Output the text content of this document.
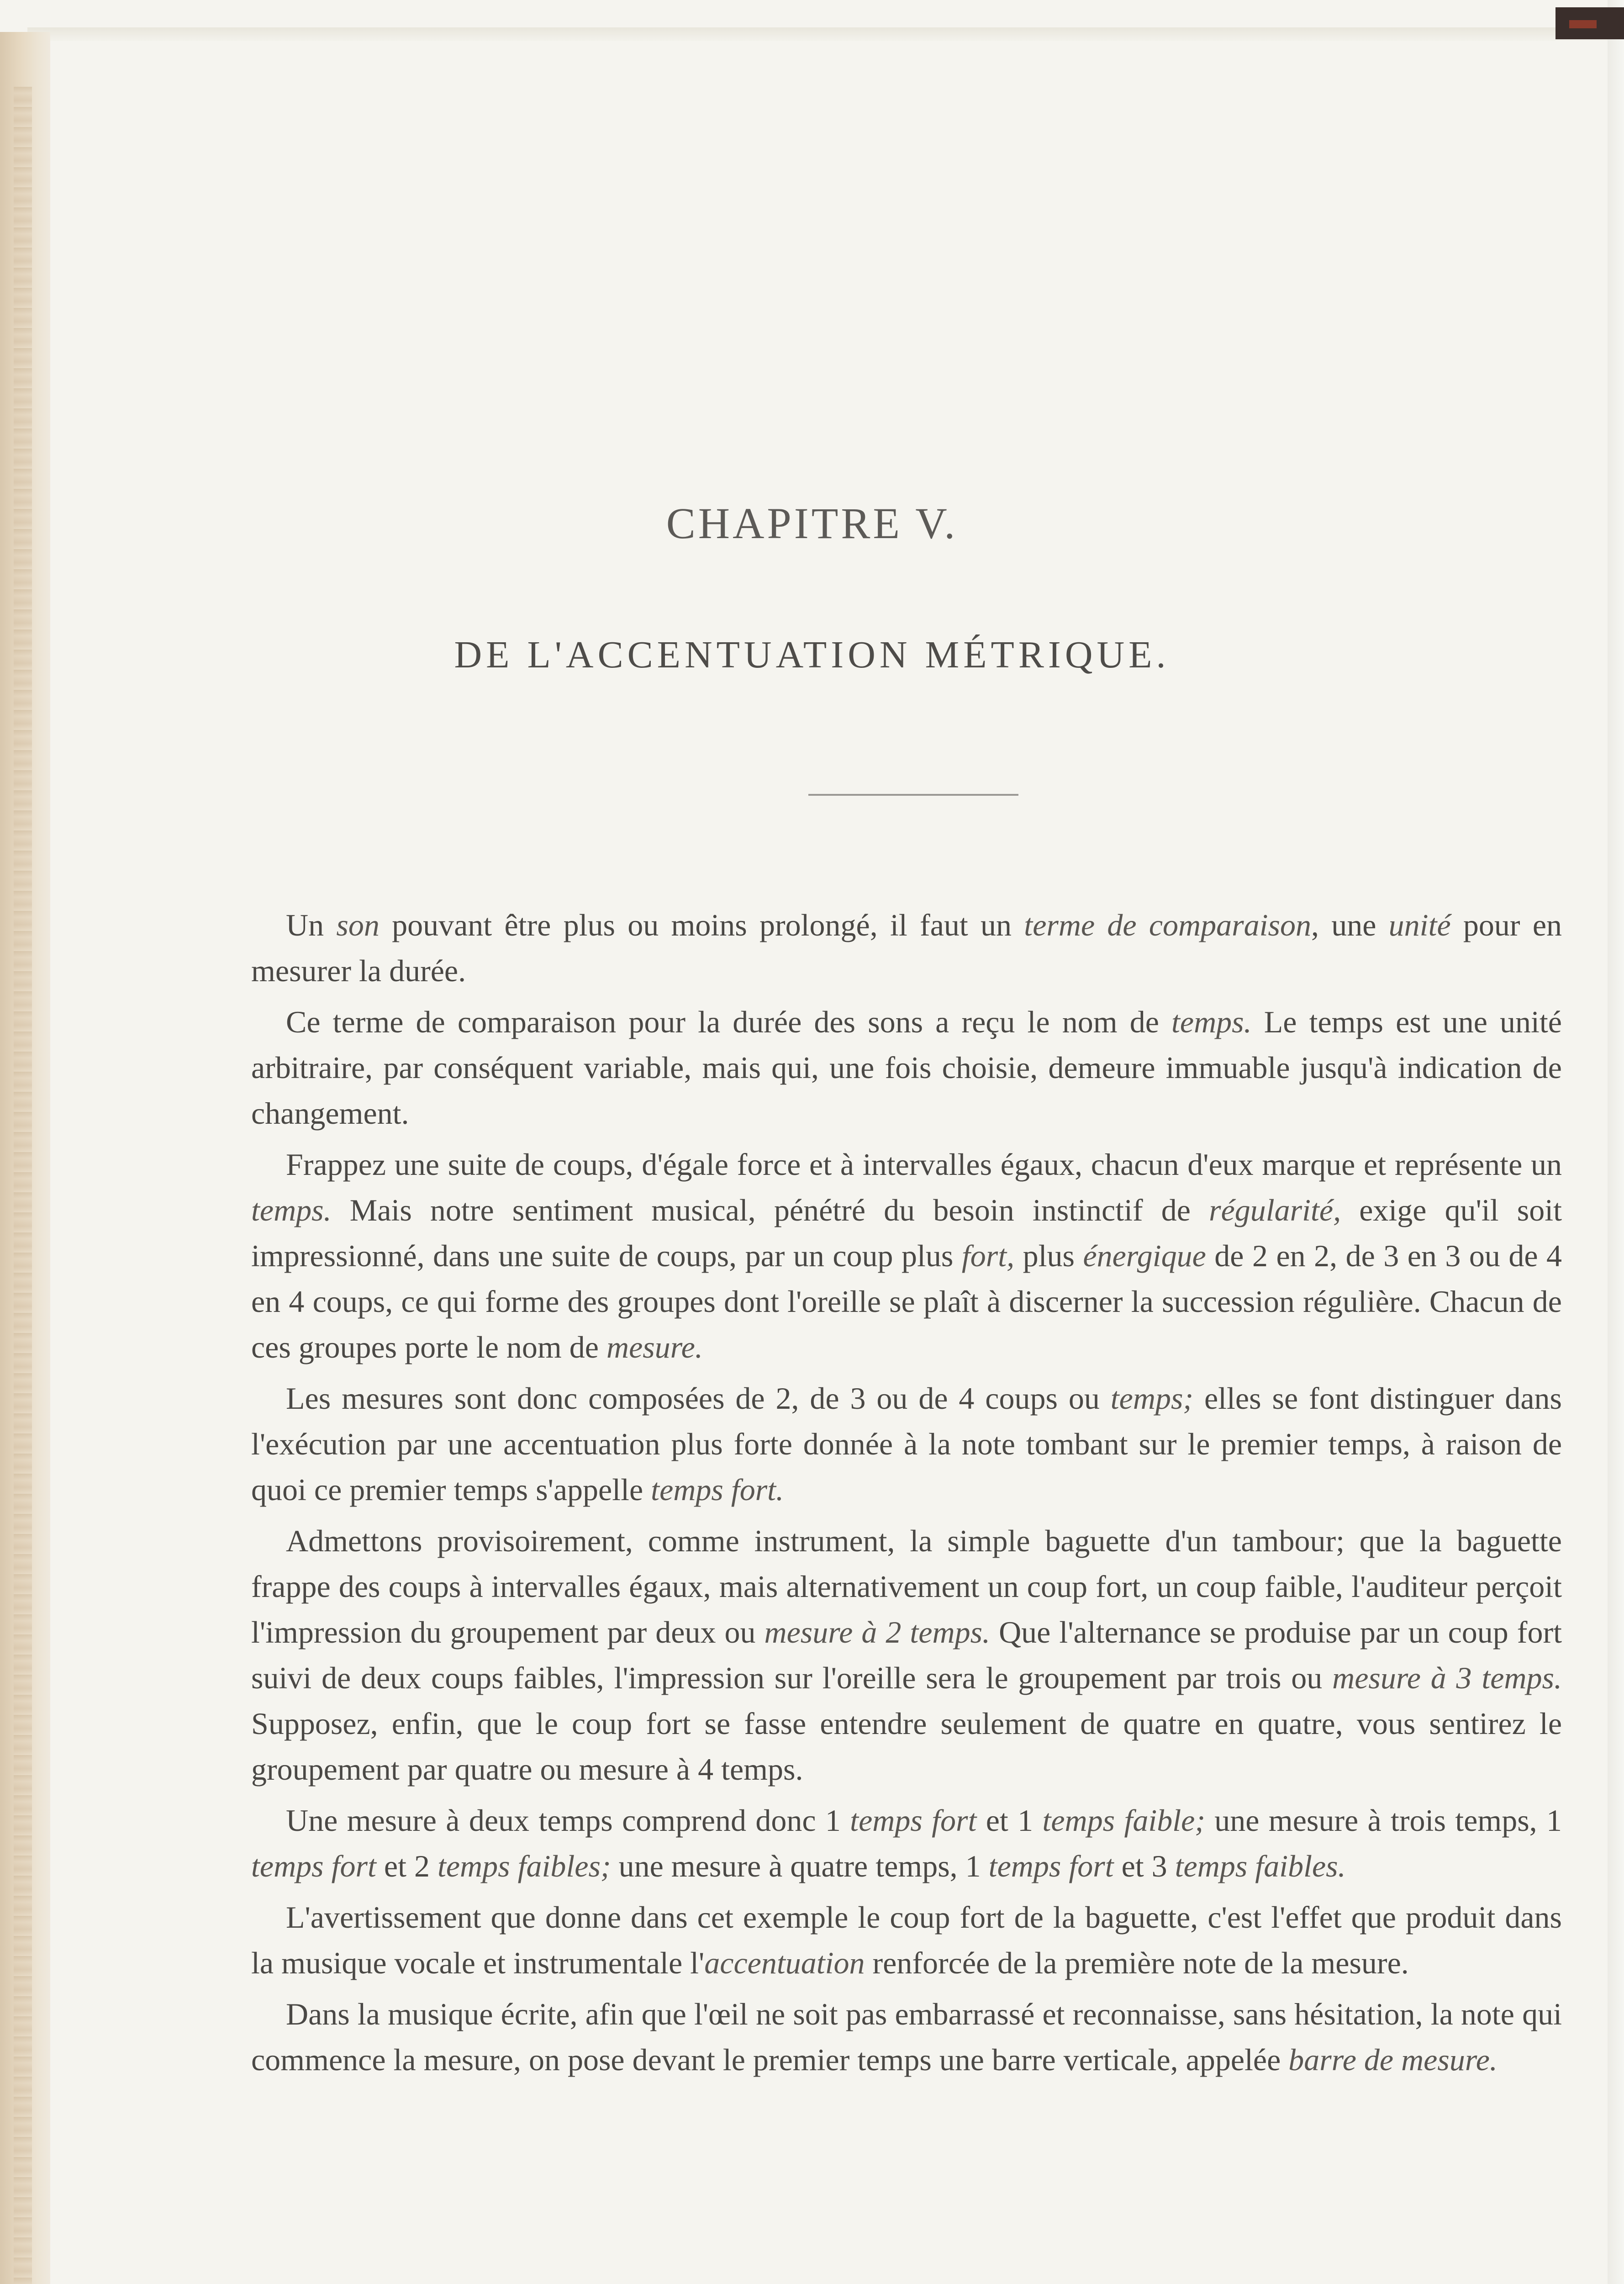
CHAPITRE V.
DE L'ACCENTUATION MÉTRIQUE.

Un son pouvant être plus ou moins prolongé, il faut un terme de comparaison, une unité pour en mesurer la durée.

Ce terme de comparaison pour la durée des sons a reçu le nom de temps. Le temps est une unité arbitraire, par conséquent variable, mais qui, une fois choisie, demeure immuable jusqu'à indication de changement.

Frappez une suite de coups, d'égale force et à intervalles égaux, chacun d'eux marque et représente un temps. Mais notre sentiment musical, pénétré du besoin instinctif de régularité, exige qu'il soit impressionné, dans une suite de coups, par un coup plus fort, plus énergique de 2 en 2, de 3 en 3 ou de 4 en 4 coups, ce qui forme des groupes dont l'oreille se plaît à discerner la succession régulière. Chacun de ces groupes porte le nom de mesure.

Les mesures sont donc composées de 2, de 3 ou de 4 coups ou temps; elles se font distinguer dans l'exécution par une accentuation plus forte donnée à la note tombant sur le premier temps, à raison de quoi ce premier temps s'appelle temps fort.

Admettons provisoirement, comme instrument, la simple baguette d'un tambour; que la baguette frappe des coups à intervalles égaux, mais alternativement un coup fort, un coup faible, l'auditeur perçoit l'impression du groupement par deux ou mesure à 2 temps. Que l'alternance se produise par un coup fort suivi de deux coups faibles, l'impression sur l'oreille sera le groupement par trois ou mesure à 3 temps. Supposez, enfin, que le coup fort se fasse entendre seulement de quatre en quatre, vous sentirez le groupement par quatre ou mesure à 4 temps.

Une mesure à deux temps comprend donc 1 temps fort et 1 temps faible; une mesure à trois temps, 1 temps fort et 2 temps faibles; une mesure à quatre temps, 1 temps fort et 3 temps faibles.

L'avertissement que donne dans cet exemple le coup fort de la baguette, c'est l'effet que produit dans la musique vocale et instrumentale l'accentuation renforcée de la première note de la mesure.

Dans la musique écrite, afin que l'œil ne soit pas embarrassé et reconnaisse, sans hésitation, la note qui commence la mesure, on pose devant le premier temps une barre verticale, appelée barre de mesure.
